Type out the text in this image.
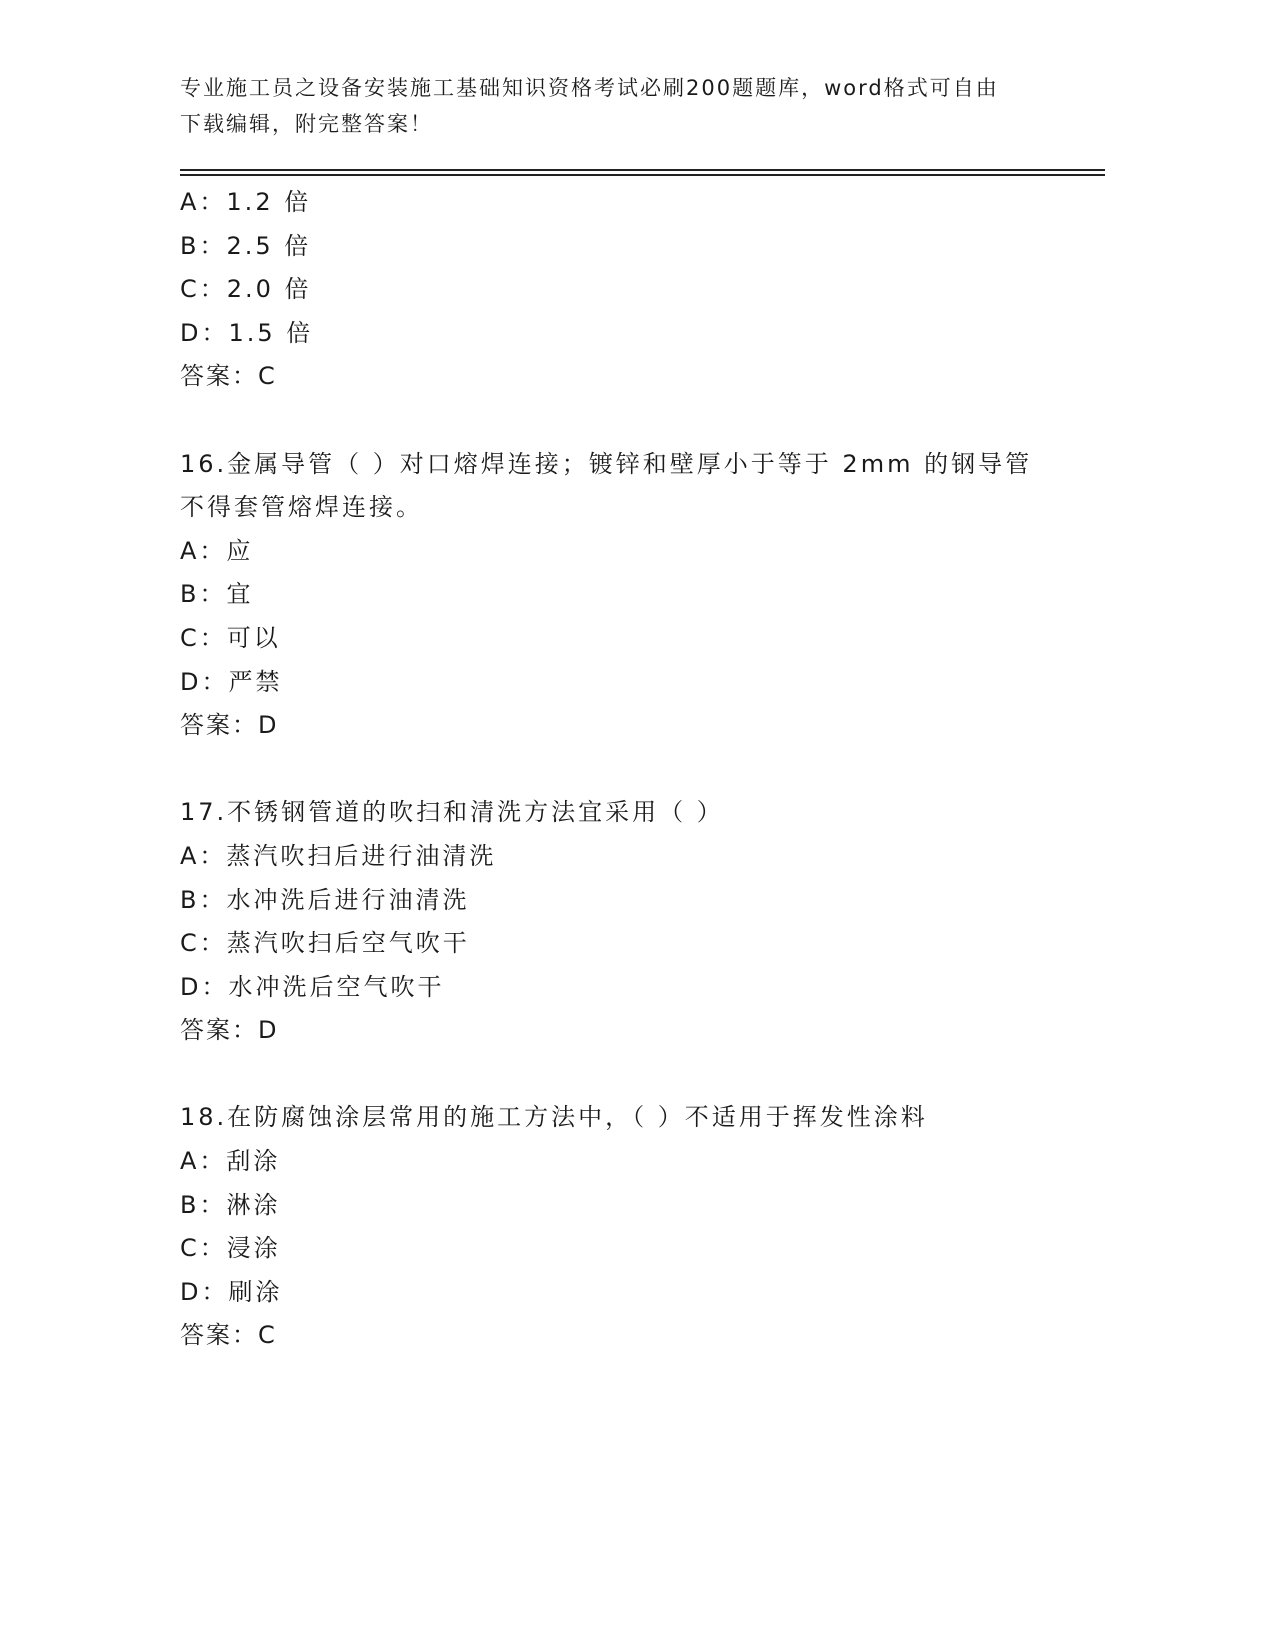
专业施工员之设备安装施工基础知识资格考试必刷200题题库，word格式可自由
下载编辑，附完整答案！
A：1.2 倍
B：2.5 倍
C：2.0 倍
D：1.5 倍
答案：C
16.金属导管（ ）对口熔焊连接；镀锌和壁厚小于等于 2mm 的钢导管
不得套管熔焊连接。
A：应
B：宜
C：可以
D：严禁
答案：D
17.不锈钢管道的吹扫和清洗方法宜采用（ ）
A：蒸汽吹扫后进行油清洗
B：水冲洗后进行油清洗
C：蒸汽吹扫后空气吹干
D：水冲洗后空气吹干
答案：D
18.在防腐蚀涂层常用的施工方法中，（ ）不适用于挥发性涂料
A：刮涂
B：淋涂
C：浸涂
D：刷涂
答案：C
